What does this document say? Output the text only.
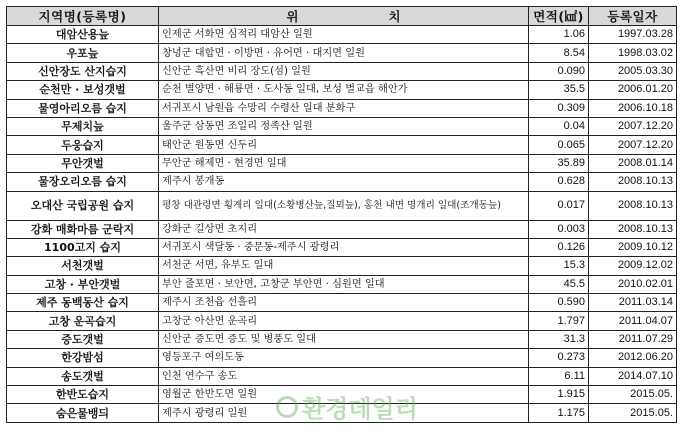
지역명(등록명)	위 치	면적(㎢)	등록일자
대암산용늪	인제군 서화면 심적리 대암산 일원	1.06	1997.03.28
우포늪	창녕군 대합면 · 이방면 · 유어면 · 대지면 일원	8.54	1998.03.02
신안장도 산지습지	신안군 흑산면 비리 장도(섬) 일원	0.090	2005.03.30
순천만 · 보성갯벌	순천 별양면 · 해룡면 · 도사동 일대, 보성 벌교읍 해안가	35.5	2006.01.20
물영아리오름 습지	서귀포시 남원읍 수망리 수령산 일대 분화구	0.309	2006.10.18
무제치늪	울주군 삼동면 조일리 정족산 일원	0.04	2007.12.20
두웅습지	태안군 원동면 신두리	0.065	2007.12.20
무안갯벌	무안군 해제면 · 현경면 일대	35.89	2008.01.14
물장오리오름 습지	제주시 봉개동	0.628	2008.10.13
오대산 국립공원 습지	평창 대관령면 횡계리 일대(소황병산늪,질뫼늪), 홍천 내면 명개리 일대(조개동늪)	0.017	2008.10.13
강화 매화마름 군락지	강화군 길상면 초지리	0.003	2008.10.13
1100고지 습지	서귀포시 색달동 · 중문동-제주시 광령리	0.126	2009.10.12
서천갯벌	서천군 서면, 유부도 일대	15.3	2009.12.02
고창 · 부안갯벌	부안 줄포면 · 보안면, 고창군 부안면 · 심원면 일대	45.5	2010.02.01
제주 동백동산 습지	제주시 조천읍 선흘리	0.590	2011.03.14
고창 운곡습지	고창군 아산면 운곡리	1.797	2011.04.07
증도갯벌	신안군 증도면 증도 및 병풍도 일대	31.3	2011.07.29
한강밤섬	영등포구 여의도동	0.273	2012.06.20
송도갯벌	인천 연수구 송도	6.11	2014.07.10
한반도습지	영월군 한반도면 일원	1.915	2015.05.
숨은물뱅듸	제주시 광령리 일원	1.175	2015.05.
환경데일리
